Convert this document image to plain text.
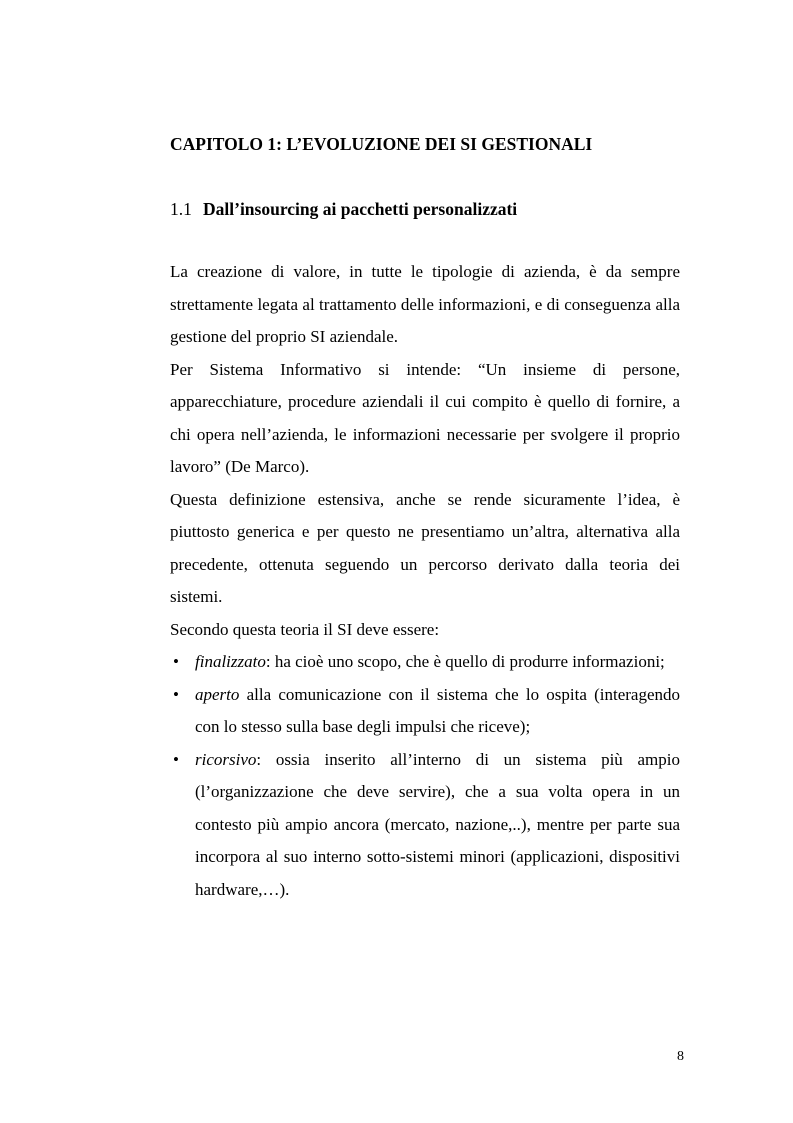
CAPITOLO 1: L’EVOLUZIONE DEI SI GESTIONALI
1.1 Dall’insourcing ai pacchetti personalizzati

La creazione di valore, in tutte le tipologie di azienda, è da sempre strettamente legata al trattamento delle informazioni, e di conseguenza alla gestione del proprio SI aziendale.

Per Sistema Informativo si intende: “Un insieme di persone, apparecchiature, procedure aziendali il cui compito è quello di fornire, a chi opera nell’azienda, le informazioni necessarie per svolgere il proprio lavoro” (De Marco).

Questa definizione estensiva, anche se rende sicuramente l’idea, è piuttosto generica e per questo ne presentiamo un’altra, alternativa alla precedente, ottenuta seguendo un percorso derivato dalla teoria dei sistemi.

Secondo questa teoria il SI deve essere:

• finalizzato: ha cioè uno scopo, che è quello di produrre informazioni;
• aperto alla comunicazione con il sistema che lo ospita (interagendo con lo stesso sulla base degli impulsi che riceve);
• ricorsivo: ossia inserito all’interno di un sistema più ampio (l’organizzazione che deve servire), che a sua volta opera in un contesto più ampio ancora (mercato, nazione,..), mentre per parte sua incorpora al suo interno sotto-sistemi minori (applicazioni, dispositivi hardware,…).
8
